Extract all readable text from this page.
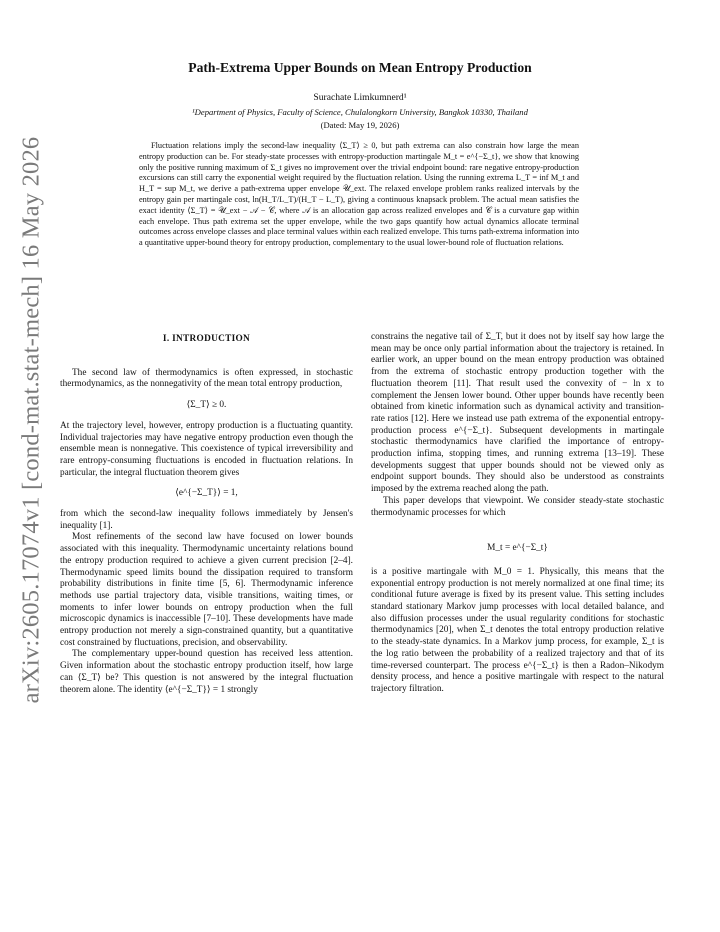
arXiv:2605.17074v1 [cond-mat.stat-mech] 16 May 2026
Path-Extrema Upper Bounds on Mean Entropy Production
Surachate Limkumnerd¹
¹Department of Physics, Faculty of Science, Chulalongkorn University, Bangkok 10330, Thailand
(Dated: May 19, 2026)
Fluctuation relations imply the second-law inequality ⟨Σ_T⟩ ≥ 0, but path extrema can also constrain how large the mean entropy production can be. For steady-state processes with entropy-production martingale M_t = e^{−Σ_t}, we show that knowing only the positive running maximum of Σ_t gives no improvement over the trivial endpoint bound: rare negative entropy-production excursions can still carry the exponential weight required by the fluctuation relation. Using the running extrema L_T = inf M_t and H_T = sup M_t, we derive a path-extrema upper envelope 𝒰_ext. The relaxed envelope problem ranks realized intervals by the entropy gain per martingale cost, ln(H_T/L_T)/(H_T − L_T), giving a continuous knapsack problem. The actual mean satisfies the exact identity ⟨Σ_T⟩ = 𝒰_ext − 𝒜 − 𝒞, where 𝒜 is an allocation gap across realized envelopes and 𝒞 is a curvature gap within each envelope. Thus path extrema set the upper envelope, while the two gaps quantify how actual dynamics allocate terminal outcomes across envelope classes and place terminal values within each realized envelope. This turns path-extrema information into a quantitative upper-bound theory for entropy production, complementary to the usual lower-bound role of fluctuation relations.
I. INTRODUCTION

The second law of thermodynamics is often expressed, in stochastic thermodynamics, as the nonnegativity of the mean total entropy production,

⟨Σ_T⟩ ≥ 0.

At the trajectory level, however, entropy production is a fluctuating quantity. Individual trajectories may have negative entropy production even though the ensemble mean is nonnegative. This coexistence of typical irreversibility and rare entropy-consuming fluctuations is encoded in fluctuation relations. In particular, the integral fluctuation theorem gives

⟨e^{−Σ_T}⟩ = 1,

from which the second-law inequality follows immediately by Jensen's inequality [1].

Most refinements of the second law have focused on lower bounds associated with this inequality. Thermodynamic uncertainty relations bound the entropy production required to achieve a given current precision [2–4]. Thermodynamic speed limits bound the dissipation required to transform probability distributions in finite time [5, 6]. Thermodynamic inference methods use partial trajectory data, visible transitions, waiting times, or moments to infer lower bounds on entropy production when the full microscopic dynamics is inaccessible [7–10]. These developments have made entropy production not merely a sign-constrained quantity, but a quantitative cost constrained by fluctuations, precision, and observability.

The complementary upper-bound question has received less attention. Given information about the stochastic entropy production itself, how large can ⟨Σ_T⟩ be? This question is not answered by the integral fluctuation theorem alone. The identity ⟨e^{−Σ_T}⟩ = 1 strongly

constrains the negative tail of Σ_T, but it does not by itself say how large the mean may be once only partial information about the trajectory is retained. In earlier work, an upper bound on the mean entropy production was obtained from the extrema of stochastic entropy production together with the fluctuation theorem [11]. That result used the convexity of − ln x to complement the Jensen lower bound. Other upper bounds have recently been obtained from kinetic information such as dynamical activity and transition-rate ratios [12]. Here we instead use path extrema of the exponential entropy-production process e^{−Σ_t}. Subsequent developments in martingale stochastic thermodynamics have clarified the importance of entropy-production infima, stopping times, and running extrema [13–19]. These developments suggest that upper bounds should not be viewed only as endpoint support bounds. They should also be understood as constraints imposed by the extrema reached along the path.

This paper develops that viewpoint. We consider steady-state stochastic thermodynamic processes for which

M_t = e^{−Σ_t}

is a positive martingale with M_0 = 1. Physically, this means that the exponential entropy production is not merely normalized at one final time; its conditional future average is fixed by its present value. This setting includes standard stationary Markov jump processes with local detailed balance, and also diffusion processes under the usual regularity conditions for stochastic thermodynamics [20], when Σ_t denotes the total entropy production relative to the steady-state dynamics. In a Markov jump process, for example, Σ_t is the log ratio between the probability of a realized trajectory and that of its time-reversed counterpart. The process e^{−Σ_t} is then a Radon–Nikodym density process, and hence a positive martingale with respect to the natural trajectory filtration.
